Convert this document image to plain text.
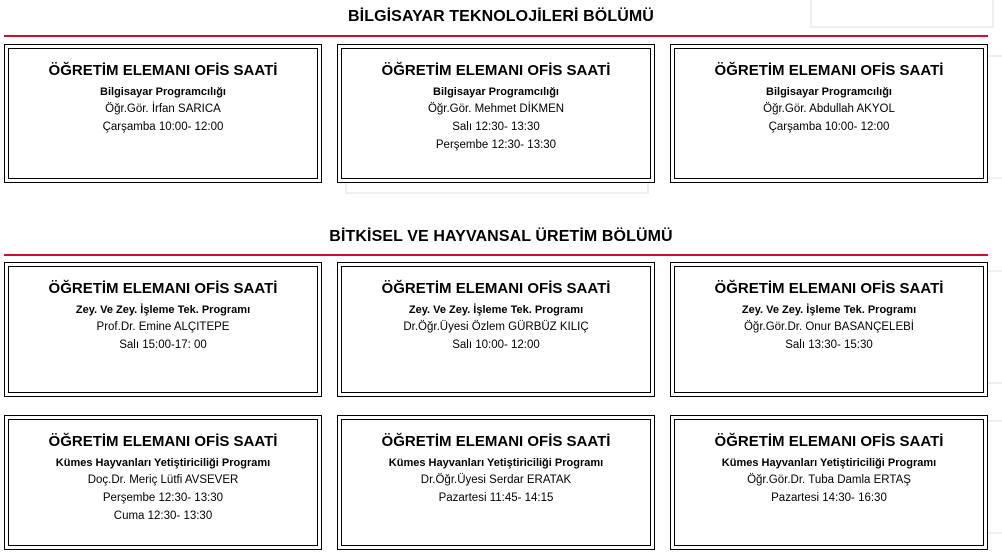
BİLGİSAYAR TEKNOLOJİLERİ BÖLÜMÜ
ÖĞRETİM ELEMANI OFİS SAATİ
Bilgisayar Programcılığı
Öğr.Gör. İrfan SARICA
Çarşamba 10:00- 12:00
ÖĞRETİM ELEMANI OFİS SAATİ
Bilgisayar Programcılığı
Öğr.Gör. Mehmet DİKMEN
Salı 12:30- 13:30
Perşembe 12:30- 13:30
ÖĞRETİM ELEMANI OFİS SAATİ
Bilgisayar Programcılığı
Öğr.Gör. Abdullah AKYOL
Çarşamba 10:00- 12:00
BİTKİSEL VE HAYVANSAL ÜRETİM BÖLÜMÜ
ÖĞRETİM ELEMANI OFİS SAATİ
Zey. Ve Zey. İşleme Tek. Programı
Prof.Dr. Emine ALÇITEPE
Salı 15:00-17: 00
ÖĞRETİM ELEMANI OFİS SAATİ
Zey. Ve Zey. İşleme Tek. Programı
Dr.Öğr.Üyesi Özlem GÜRBÜZ KILIÇ
Salı 10:00- 12:00
ÖĞRETİM ELEMANI OFİS SAATİ
Zey. Ve Zey. İşleme Tek. Programı
Öğr.Gör.Dr. Onur BASANÇELEBİ
Salı 13:30- 15:30
ÖĞRETİM ELEMANI OFİS SAATİ
Kümes Hayvanları Yetiştiriciliği Programı
Doç.Dr. Meriç Lütfi AVSEVER
Perşembe 12:30- 13:30
Cuma 12:30- 13:30
ÖĞRETİM ELEMANI OFİS SAATİ
Kümes Hayvanları Yetiştiriciliği Programı
Dr.Öğr.Üyesi Serdar ERATAK
Pazartesi 11:45- 14:15
ÖĞRETİM ELEMANI OFİS SAATİ
Kümes Hayvanları Yetiştiriciliği Programı
Öğr.Gör.Dr. Tuba Damla ERTAŞ
Pazartesi 14:30- 16:30
